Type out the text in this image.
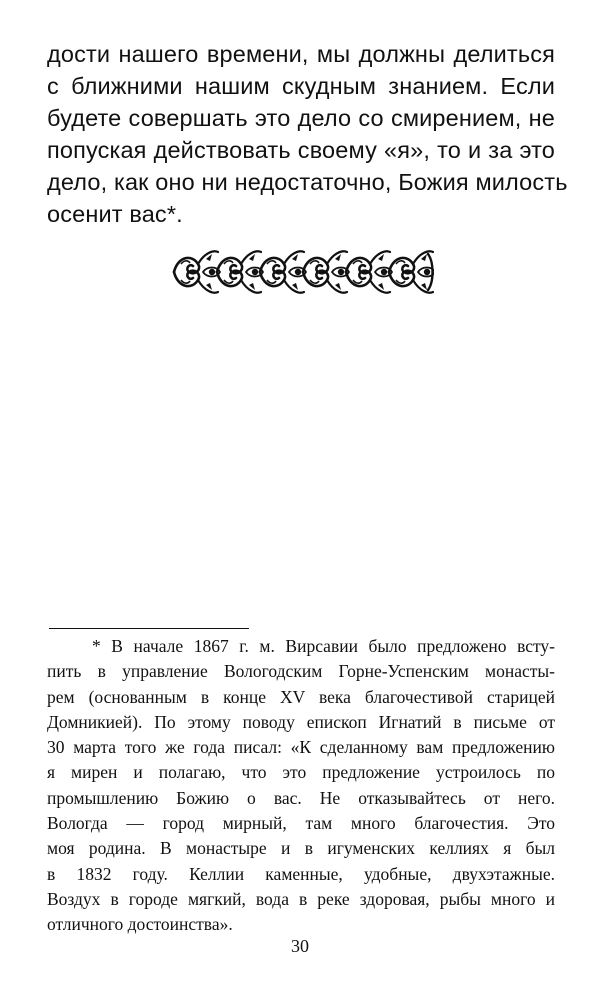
дости нашего времени, мы должны делиться
с ближними нашим скудным знанием. Если
будете совершать это дело со смирением, не
попуская действовать своему «я», то и за это
дело, как оно ни недостаточно, Божия милость
осенит вас*.
* В начале 1867 г. м. Вирсавии было предложено всту-
пить в управление Вологодским Горне-Успенским монасты-
рем (основанным в конце XV века благочестивой старицей
Домникией). По этому поводу епископ Игнатий в письме от
30 марта того же года писал: «К сделанному вам предложению
я мирен и полагаю, что это предложение устроилось по
промышлению Божию о вас. Не отказывайтесь от него.
Вологда — город мирный, там много благочестия. Это
моя родина. В монастыре и в игуменских келлиях я был
в 1832 году. Келлии каменные, удобные, двухэтажные.
Воздух в городе мягкий, вода в реке здоровая, рыбы много и
отличного достоинства».
30
